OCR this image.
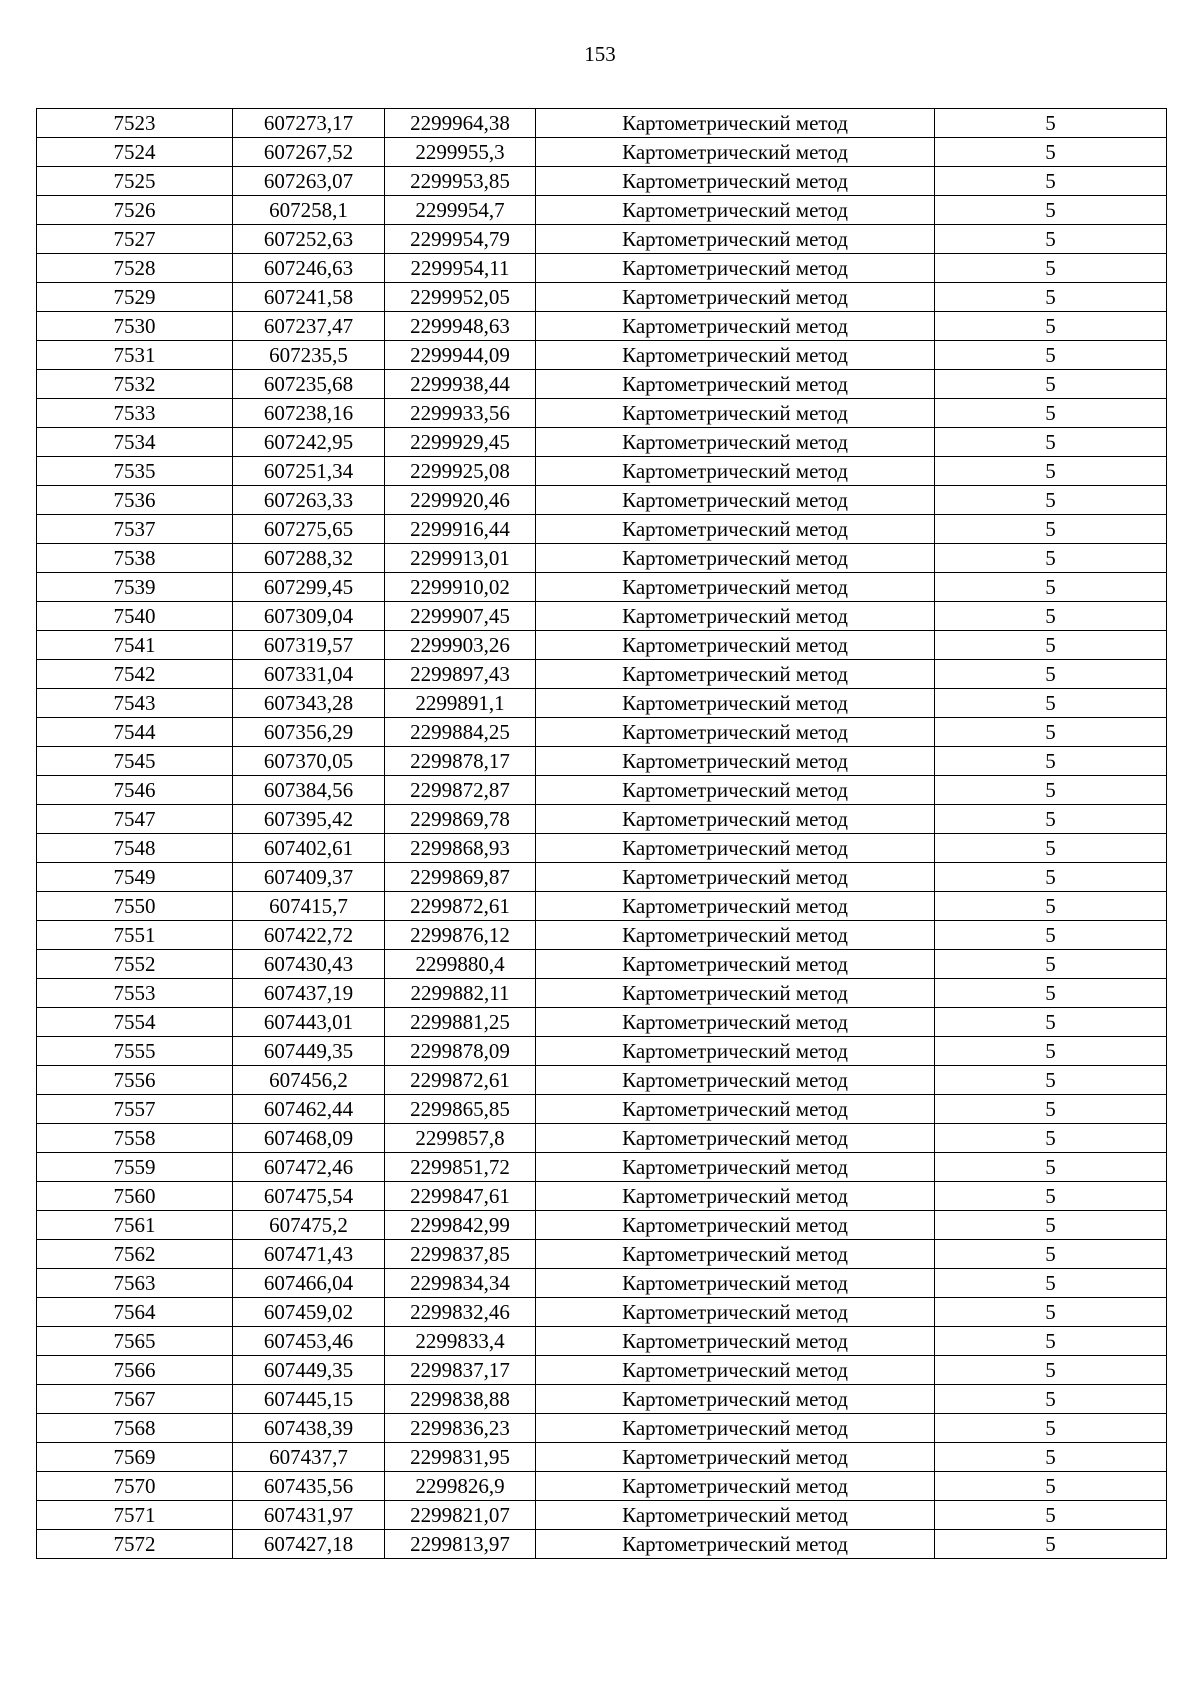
153
7523	607273,17	2299964,38	Картометрический метод	5
7524	607267,52	2299955,3	Картометрический метод	5
7525	607263,07	2299953,85	Картометрический метод	5
7526	607258,1	2299954,7	Картометрический метод	5
7527	607252,63	2299954,79	Картометрический метод	5
7528	607246,63	2299954,11	Картометрический метод	5
7529	607241,58	2299952,05	Картометрический метод	5
7530	607237,47	2299948,63	Картометрический метод	5
7531	607235,5	2299944,09	Картометрический метод	5
7532	607235,68	2299938,44	Картометрический метод	5
7533	607238,16	2299933,56	Картометрический метод	5
7534	607242,95	2299929,45	Картометрический метод	5
7535	607251,34	2299925,08	Картометрический метод	5
7536	607263,33	2299920,46	Картометрический метод	5
7537	607275,65	2299916,44	Картометрический метод	5
7538	607288,32	2299913,01	Картометрический метод	5
7539	607299,45	2299910,02	Картометрический метод	5
7540	607309,04	2299907,45	Картометрический метод	5
7541	607319,57	2299903,26	Картометрический метод	5
7542	607331,04	2299897,43	Картометрический метод	5
7543	607343,28	2299891,1	Картометрический метод	5
7544	607356,29	2299884,25	Картометрический метод	5
7545	607370,05	2299878,17	Картометрический метод	5
7546	607384,56	2299872,87	Картометрический метод	5
7547	607395,42	2299869,78	Картометрический метод	5
7548	607402,61	2299868,93	Картометрический метод	5
7549	607409,37	2299869,87	Картометрический метод	5
7550	607415,7	2299872,61	Картометрический метод	5
7551	607422,72	2299876,12	Картометрический метод	5
7552	607430,43	2299880,4	Картометрический метод	5
7553	607437,19	2299882,11	Картометрический метод	5
7554	607443,01	2299881,25	Картометрический метод	5
7555	607449,35	2299878,09	Картометрический метод	5
7556	607456,2	2299872,61	Картометрический метод	5
7557	607462,44	2299865,85	Картометрический метод	5
7558	607468,09	2299857,8	Картометрический метод	5
7559	607472,46	2299851,72	Картометрический метод	5
7560	607475,54	2299847,61	Картометрический метод	5
7561	607475,2	2299842,99	Картометрический метод	5
7562	607471,43	2299837,85	Картометрический метод	5
7563	607466,04	2299834,34	Картометрический метод	5
7564	607459,02	2299832,46	Картометрический метод	5
7565	607453,46	2299833,4	Картометрический метод	5
7566	607449,35	2299837,17	Картометрический метод	5
7567	607445,15	2299838,88	Картометрический метод	5
7568	607438,39	2299836,23	Картометрический метод	5
7569	607437,7	2299831,95	Картометрический метод	5
7570	607435,56	2299826,9	Картометрический метод	5
7571	607431,97	2299821,07	Картометрический метод	5
7572	607427,18	2299813,97	Картометрический метод	5
